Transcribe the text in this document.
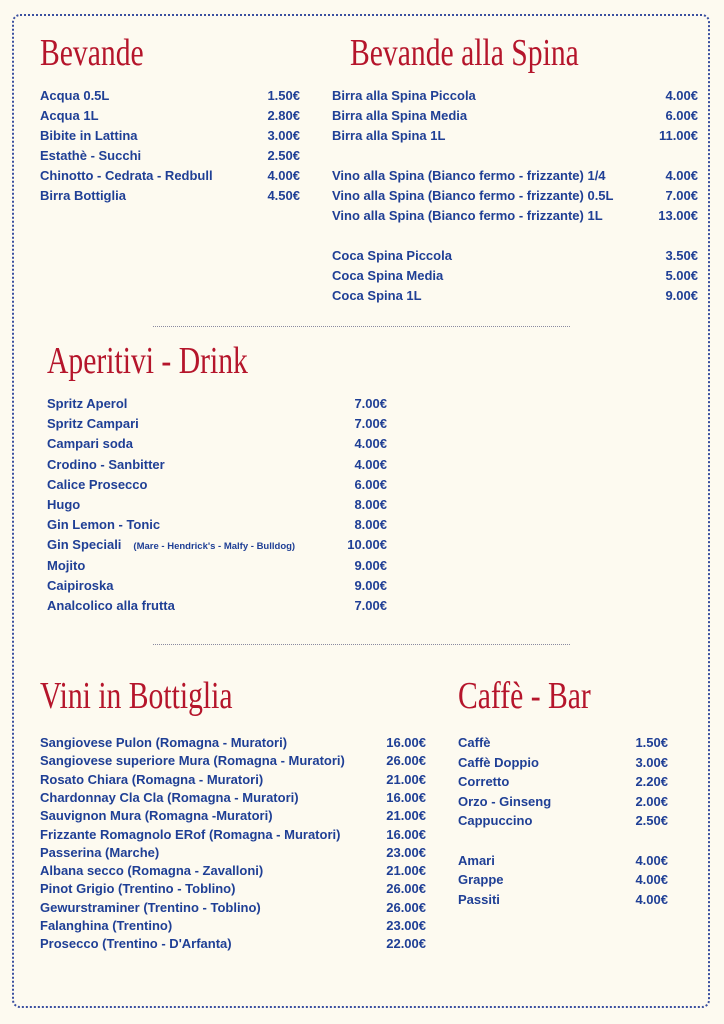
Bevande	Bevande alla Spina
Aperitivi - Drink
Vini in Bottiglia	Caffè - Bar
Acqua 0.5L	1.50€
Acqua 1L	2.80€
Bibite in Lattina	3.00€
Estathè - Succhi	2.50€
Chinotto - Cedrata - Redbull	4.00€
Birra Bottiglia	4.50€
Birra alla Spina Piccola	4.00€
Birra alla Spina Media	6.00€
Birra alla Spina 1L	11.00€
Vino alla Spina (Bianco fermo - frizzante) 1/4	4.00€
Vino alla Spina (Bianco fermo - frizzante) 0.5L	7.00€
Vino alla Spina (Bianco fermo - frizzante) 1L	13.00€
Coca Spina Piccola	3.50€
Coca Spina Media	5.00€
Coca Spina 1L	9.00€
Spritz Aperol	7.00€
Spritz Campari	7.00€
Campari soda	4.00€
Crodino - Sanbitter	4.00€
Calice Prosecco	6.00€
Hugo	8.00€
Gin Lemon - Tonic	8.00€
Gin Speciali (Mare - Hendrick's - Malfy - Bulldog)	10.00€
Mojito	9.00€
Caipiroska	9.00€
Analcolico alla frutta	7.00€
Sangiovese Pulon (Romagna - Muratori)	16.00€
Sangiovese superiore Mura (Romagna - Muratori)	26.00€
Rosato Chiara (Romagna - Muratori)	21.00€
Chardonnay Cla Cla (Romagna - Muratori)	16.00€
Sauvignon Mura (Romagna -Muratori)	21.00€
Frizzante Romagnolo ERof (Romagna - Muratori)	16.00€
Passerina (Marche)	23.00€
Albana secco (Romagna - Zavalloni)	21.00€
Pinot Grigio (Trentino - Toblino)	26.00€
Gewurstraminer (Trentino - Toblino)	26.00€
Falanghina (Trentino)	23.00€
Prosecco (Trentino - D'Arfanta)	22.00€
Caffè	1.50€
Caffè Doppio	3.00€
Corretto	2.20€
Orzo - Ginseng	2.00€
Cappuccino	2.50€
Amari	4.00€
Grappe	4.00€
Passiti	4.00€
